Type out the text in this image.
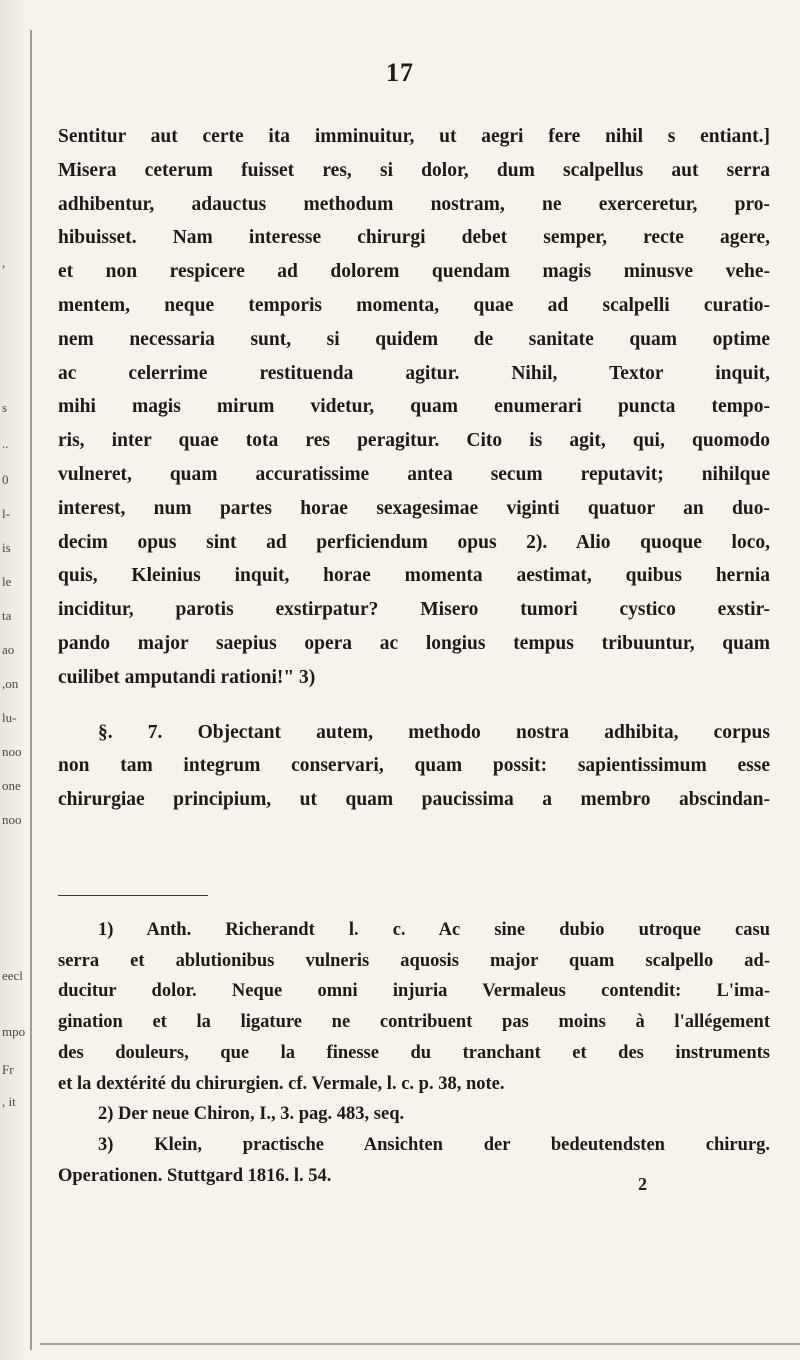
,
s
..
0
l-
is
le
ta
ao
,on
lu-
noo
one
noo
eecl
mpo
Fr
, it
17
Sentitur aut certe ita imminuitur, ut aegri fere nihil s entiant.]
Misera ceterum fuisset res, si dolor, dum scalpellus aut serra
adhibentur, adauctus methodum nostram, ne exerceretur, pro-
hibuisset. Nam interesse chirurgi debet semper, recte agere,
et non respicere ad dolorem quendam magis minusve vehe-
mentem, neque temporis momenta, quae ad scalpelli curatio-
nem necessaria sunt, si quidem de sanitate quam optime
ac celerrime restituenda agitur. Nihil, Textor inquit,
mihi magis mirum videtur, quam enumerari puncta tempo-
ris, inter quae tota res peragitur. Cito is agit, qui, quomodo
vulneret, quam accuratissime antea secum reputavit; nihilque
interest, num partes horae sexagesimae viginti quatuor an duo-
decim opus sint ad perficiendum opus 2). Alio quoque loco,
quis, Kleinius inquit, horae momenta aestimat, quibus hernia
inciditur, parotis exstirpatur? Misero tumori cystico exstir-
pando major saepius opera ac longius tempus tribuuntur, quam
cuilibet amputandi rationi!" 3)
§. 7. Objectant autem, methodo nostra adhibita, corpus
non tam integrum conservari, quam possit: sapientissimum esse
chirurgiae principium, ut quam paucissima a membro abscindan-
1) Anth. Richerandt l. c. Ac sine dubio utroque casu
serra et ablutionibus vulneris aquosis major quam scalpello ad-
ducitur dolor. Neque omni injuria Vermaleus contendit: L'ima-
gination et la ligature ne contribuent pas moins à l'allégement
des douleurs, que la finesse du tranchant et des instruments
et la dextérité du chirurgien. cf. Vermale, l. c. p. 38, note.
2) Der neue Chiron, I., 3. pag. 483, seq.
3) Klein, practische Ansichten der bedeutendsten chirurg.
Operationen. Stuttgard 1816. l. 54.	2
